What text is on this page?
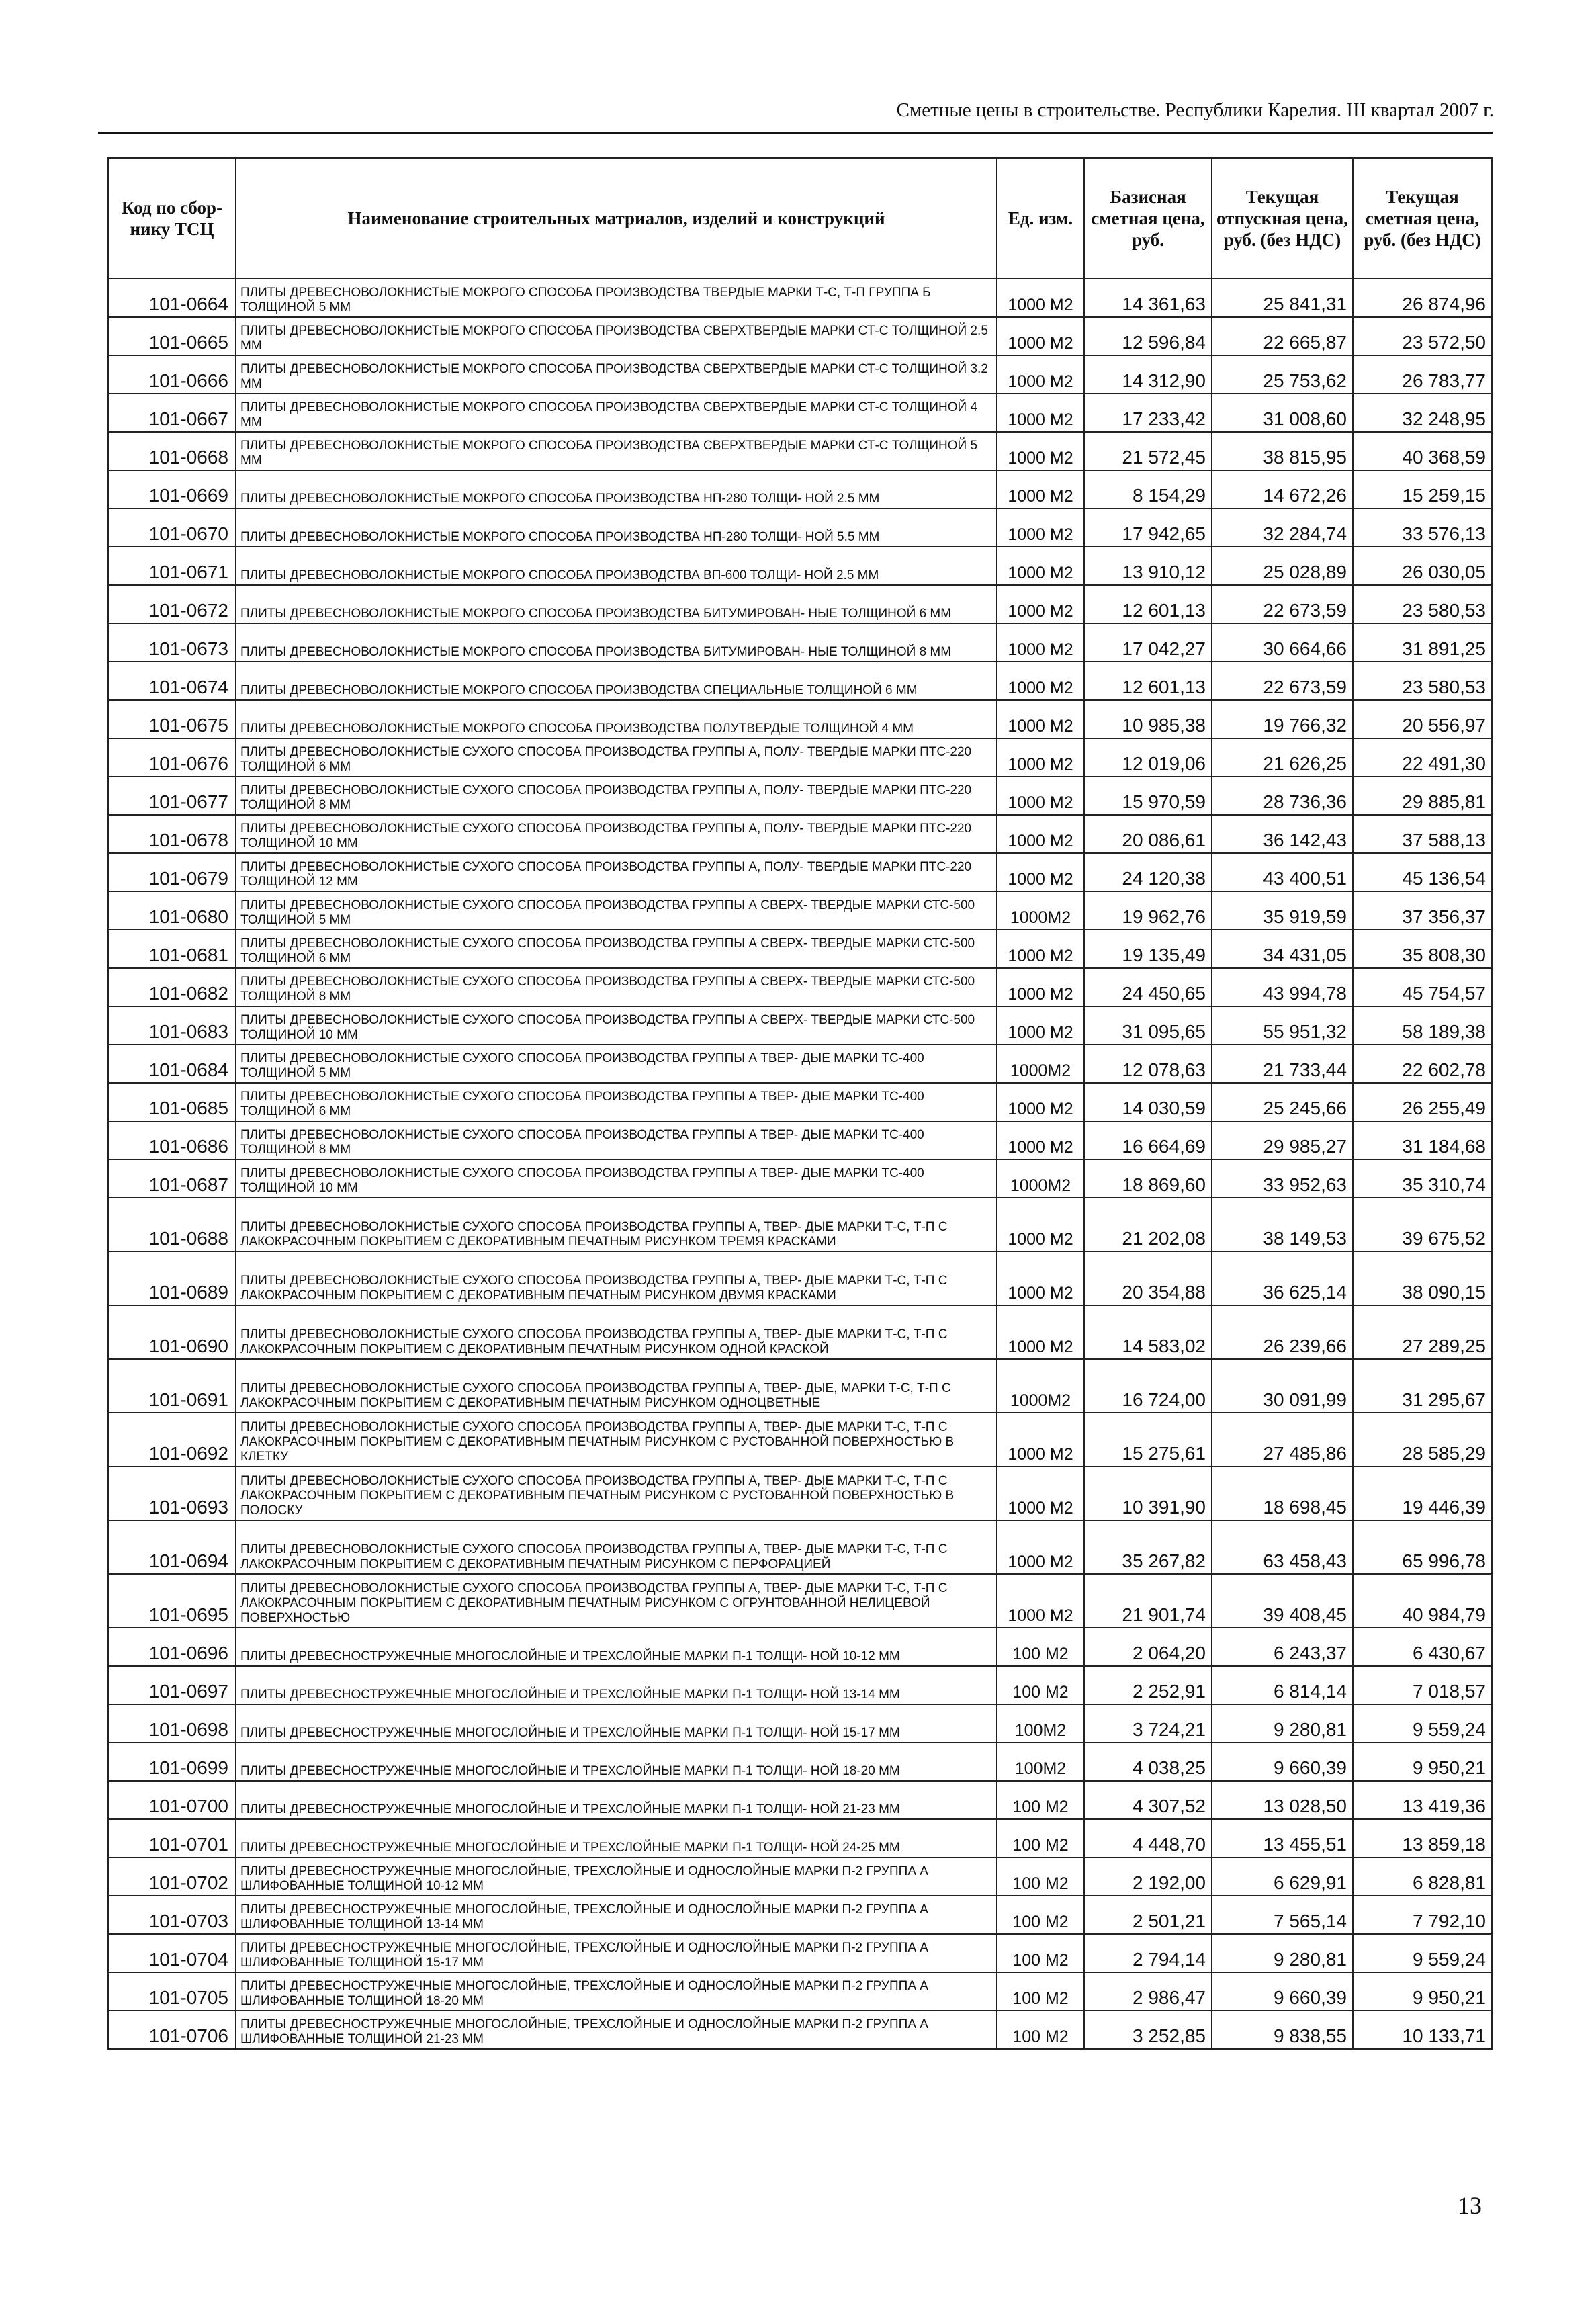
Сметные цены в строительстве. Республики Карелия. III квартал 2007 г.
Код по сбор- нику ТСЦ	Наименование строительных матриалов, изделий и конструкций	Ед. изм.	Базисная сметная цена, руб.	Текущая отпускная цена, руб. (без НДС)	Текущая сметная цена, руб. (без НДС)
101-0664	ПЛИТЫ ДРЕВЕСНОВОЛОКНИСТЫЕ МОКРОГО СПОСОБА ПРОИЗВОДСТВА ТВЕРДЫЕ МАРКИ Т-С, Т-П ГРУППА Б ТОЛЩИНОЙ 5 ММ	1000 М2	14 361,63	25 841,31	26 874,96
101-0665	ПЛИТЫ ДРЕВЕСНОВОЛОКНИСТЫЕ МОКРОГО СПОСОБА ПРОИЗВОДСТВА СВЕРХТВЕРДЫЕ МАРКИ СТ-С ТОЛЩИНОЙ 2.5 ММ	1000 М2	12 596,84	22 665,87	23 572,50
101-0666	ПЛИТЫ ДРЕВЕСНОВОЛОКНИСТЫЕ МОКРОГО СПОСОБА ПРОИЗВОДСТВА СВЕРХТВЕРДЫЕ МАРКИ СТ-С ТОЛЩИНОЙ 3.2 ММ	1000 М2	14 312,90	25 753,62	26 783,77
101-0667	ПЛИТЫ ДРЕВЕСНОВОЛОКНИСТЫЕ МОКРОГО СПОСОБА ПРОИЗВОДСТВА СВЕРХТВЕРДЫЕ МАРКИ СТ-С ТОЛЩИНОЙ 4 ММ	1000 М2	17 233,42	31 008,60	32 248,95
101-0668	ПЛИТЫ ДРЕВЕСНОВОЛОКНИСТЫЕ МОКРОГО СПОСОБА ПРОИЗВОДСТВА СВЕРХТВЕРДЫЕ МАРКИ СТ-С ТОЛЩИНОЙ 5 ММ	1000 М2	21 572,45	38 815,95	40 368,59
101-0669	ПЛИТЫ ДРЕВЕСНОВОЛОКНИСТЫЕ МОКРОГО СПОСОБА ПРОИЗВОДСТВА НП-280 ТОЛЩИ- НОЙ 2.5 ММ	1000 М2	8 154,29	14 672,26	15 259,15
101-0670	ПЛИТЫ ДРЕВЕСНОВОЛОКНИСТЫЕ МОКРОГО СПОСОБА ПРОИЗВОДСТВА НП-280 ТОЛЩИ- НОЙ 5.5 ММ	1000 М2	17 942,65	32 284,74	33 576,13
101-0671	ПЛИТЫ ДРЕВЕСНОВОЛОКНИСТЫЕ МОКРОГО СПОСОБА ПРОИЗВОДСТВА ВП-600 ТОЛЩИ- НОЙ 2.5 ММ	1000 М2	13 910,12	25 028,89	26 030,05
101-0672	ПЛИТЫ ДРЕВЕСНОВОЛОКНИСТЫЕ МОКРОГО СПОСОБА ПРОИЗВОДСТВА БИТУМИРОВАН- НЫЕ ТОЛЩИНОЙ 6 ММ	1000 М2	12 601,13	22 673,59	23 580,53
101-0673	ПЛИТЫ ДРЕВЕСНОВОЛОКНИСТЫЕ МОКРОГО СПОСОБА ПРОИЗВОДСТВА БИТУМИРОВАН- НЫЕ ТОЛЩИНОЙ 8 ММ	1000 М2	17 042,27	30 664,66	31 891,25
101-0674	ПЛИТЫ ДРЕВЕСНОВОЛОКНИСТЫЕ МОКРОГО СПОСОБА ПРОИЗВОДСТВА СПЕЦИАЛЬНЫЕ ТОЛЩИНОЙ 6 ММ	1000 М2	12 601,13	22 673,59	23 580,53
101-0675	ПЛИТЫ ДРЕВЕСНОВОЛОКНИСТЫЕ МОКРОГО СПОСОБА ПРОИЗВОДСТВА ПОЛУТВЕРДЫЕ ТОЛЩИНОЙ 4 ММ	1000 М2	10 985,38	19 766,32	20 556,97
101-0676	ПЛИТЫ ДРЕВЕСНОВОЛОКНИСТЫЕ СУХОГО СПОСОБА ПРОИЗВОДСТВА ГРУППЫ А, ПОЛУ- ТВЕРДЫЕ МАРКИ ПТС-220 ТОЛЩИНОЙ 6 ММ	1000 М2	12 019,06	21 626,25	22 491,30
101-0677	ПЛИТЫ ДРЕВЕСНОВОЛОКНИСТЫЕ СУХОГО СПОСОБА ПРОИЗВОДСТВА ГРУППЫ А, ПОЛУ- ТВЕРДЫЕ МАРКИ ПТС-220 ТОЛЩИНОЙ 8 ММ	1000 М2	15 970,59	28 736,36	29 885,81
101-0678	ПЛИТЫ ДРЕВЕСНОВОЛОКНИСТЫЕ СУХОГО СПОСОБА ПРОИЗВОДСТВА ГРУППЫ А, ПОЛУ- ТВЕРДЫЕ МАРКИ ПТС-220 ТОЛЩИНОЙ 10 ММ	1000 М2	20 086,61	36 142,43	37 588,13
101-0679	ПЛИТЫ ДРЕВЕСНОВОЛОКНИСТЫЕ СУХОГО СПОСОБА ПРОИЗВОДСТВА ГРУППЫ А, ПОЛУ- ТВЕРДЫЕ МАРКИ ПТС-220 ТОЛЩИНОЙ 12 ММ	1000 М2	24 120,38	43 400,51	45 136,54
101-0680	ПЛИТЫ ДРЕВЕСНОВОЛОКНИСТЫЕ СУХОГО СПОСОБА ПРОИЗВОДСТВА ГРУППЫ А СВЕРХ- ТВЕРДЫЕ МАРКИ СТС-500 ТОЛЩИНОЙ 5 ММ	1000М2	19 962,76	35 919,59	37 356,37
101-0681	ПЛИТЫ ДРЕВЕСНОВОЛОКНИСТЫЕ СУХОГО СПОСОБА ПРОИЗВОДСТВА ГРУППЫ А СВЕРХ- ТВЕРДЫЕ МАРКИ СТС-500 ТОЛЩИНОЙ 6 ММ	1000 М2	19 135,49	34 431,05	35 808,30
101-0682	ПЛИТЫ ДРЕВЕСНОВОЛОКНИСТЫЕ СУХОГО СПОСОБА ПРОИЗВОДСТВА ГРУППЫ А СВЕРХ- ТВЕРДЫЕ МАРКИ СТС-500 ТОЛЩИНОЙ 8 ММ	1000 М2	24 450,65	43 994,78	45 754,57
101-0683	ПЛИТЫ ДРЕВЕСНОВОЛОКНИСТЫЕ СУХОГО СПОСОБА ПРОИЗВОДСТВА ГРУППЫ А СВЕРХ- ТВЕРДЫЕ МАРКИ СТС-500 ТОЛЩИНОЙ 10 ММ	1000 М2	31 095,65	55 951,32	58 189,38
101-0684	ПЛИТЫ ДРЕВЕСНОВОЛОКНИСТЫЕ СУХОГО СПОСОБА ПРОИЗВОДСТВА ГРУППЫ А ТВЕР- ДЫЕ МАРКИ ТС-400 ТОЛЩИНОЙ 5 ММ	1000М2	12 078,63	21 733,44	22 602,78
101-0685	ПЛИТЫ ДРЕВЕСНОВОЛОКНИСТЫЕ СУХОГО СПОСОБА ПРОИЗВОДСТВА ГРУППЫ А ТВЕР- ДЫЕ МАРКИ ТС-400 ТОЛЩИНОЙ 6 ММ	1000 М2	14 030,59	25 245,66	26 255,49
101-0686	ПЛИТЫ ДРЕВЕСНОВОЛОКНИСТЫЕ СУХОГО СПОСОБА ПРОИЗВОДСТВА ГРУППЫ А ТВЕР- ДЫЕ МАРКИ ТС-400 ТОЛЩИНОЙ 8 ММ	1000 М2	16 664,69	29 985,27	31 184,68
101-0687	ПЛИТЫ ДРЕВЕСНОВОЛОКНИСТЫЕ СУХОГО СПОСОБА ПРОИЗВОДСТВА ГРУППЫ А ТВЕР- ДЫЕ МАРКИ ТС-400 ТОЛЩИНОЙ 10 ММ	1000М2	18 869,60	33 952,63	35 310,74
101-0688	ПЛИТЫ ДРЕВЕСНОВОЛОКНИСТЫЕ СУХОГО СПОСОБА ПРОИЗВОДСТВА ГРУППЫ А, ТВЕР- ДЫЕ МАРКИ Т-С, Т-П С ЛАКОКРАСОЧНЫМ ПОКРЫТИЕМ С ДЕКОРАТИВНЫМ ПЕЧАТНЫМ РИСУНКОМ ТРЕМЯ КРАСКАМИ	1000 М2	21 202,08	38 149,53	39 675,52
101-0689	ПЛИТЫ ДРЕВЕСНОВОЛОКНИСТЫЕ СУХОГО СПОСОБА ПРОИЗВОДСТВА ГРУППЫ А, ТВЕР- ДЫЕ МАРКИ Т-С, Т-П С ЛАКОКРАСОЧНЫМ ПОКРЫТИЕМ С ДЕКОРАТИВНЫМ ПЕЧАТНЫМ РИСУНКОМ ДВУМЯ КРАСКАМИ	1000 М2	20 354,88	36 625,14	38 090,15
101-0690	ПЛИТЫ ДРЕВЕСНОВОЛОКНИСТЫЕ СУХОГО СПОСОБА ПРОИЗВОДСТВА ГРУППЫ А, ТВЕР- ДЫЕ МАРКИ Т-С, Т-П С ЛАКОКРАСОЧНЫМ ПОКРЫТИЕМ С ДЕКОРАТИВНЫМ ПЕЧАТНЫМ РИСУНКОМ ОДНОЙ КРАСКОЙ	1000 М2	14 583,02	26 239,66	27 289,25
101-0691	ПЛИТЫ ДРЕВЕСНОВОЛОКНИСТЫЕ СУХОГО СПОСОБА ПРОИЗВОДСТВА ГРУППЫ А, ТВЕР- ДЫЕ, МАРКИ Т-С, Т-П С ЛАКОКРАСОЧНЫМ ПОКРЫТИЕМ С ДЕКОРАТИВНЫМ ПЕЧАТНЫМ РИСУНКОМ ОДНОЦВЕТНЫЕ	1000М2	16 724,00	30 091,99	31 295,67
101-0692	ПЛИТЫ ДРЕВЕСНОВОЛОКНИСТЫЕ СУХОГО СПОСОБА ПРОИЗВОДСТВА ГРУППЫ А, ТВЕР- ДЫЕ МАРКИ Т-С, Т-П С ЛАКОКРАСОЧНЫМ ПОКРЫТИЕМ С ДЕКОРАТИВНЫМ ПЕЧАТНЫМ РИСУНКОМ С РУСТОВАННОЙ ПОВЕРХНОСТЬЮ В КЛЕТКУ	1000 М2	15 275,61	27 485,86	28 585,29
101-0693	ПЛИТЫ ДРЕВЕСНОВОЛОКНИСТЫЕ СУХОГО СПОСОБА ПРОИЗВОДСТВА ГРУППЫ А, ТВЕР- ДЫЕ МАРКИ Т-С, Т-П С ЛАКОКРАСОЧНЫМ ПОКРЫТИЕМ С ДЕКОРАТИВНЫМ ПЕЧАТНЫМ РИСУНКОМ С РУСТОВАННОЙ ПОВЕРХНОСТЬЮ В ПОЛОСКУ	1000 М2	10 391,90	18 698,45	19 446,39
101-0694	ПЛИТЫ ДРЕВЕСНОВОЛОКНИСТЫЕ СУХОГО СПОСОБА ПРОИЗВОДСТВА ГРУППЫ А, ТВЕР- ДЫЕ МАРКИ Т-С, Т-П С ЛАКОКРАСОЧНЫМ ПОКРЫТИЕМ С ДЕКОРАТИВНЫМ ПЕЧАТНЫМ РИСУНКОМ С ПЕРФОРАЦИЕЙ	1000 М2	35 267,82	63 458,43	65 996,78
101-0695	ПЛИТЫ ДРЕВЕСНОВОЛОКНИСТЫЕ СУХОГО СПОСОБА ПРОИЗВОДСТВА ГРУППЫ А, ТВЕР- ДЫЕ МАРКИ Т-С, Т-П С ЛАКОКРАСОЧНЫМ ПОКРЫТИЕМ С ДЕКОРАТИВНЫМ ПЕЧАТНЫМ РИСУНКОМ С ОГРУНТОВАННОЙ НЕЛИЦЕВОЙ ПОВЕРХНОСТЬЮ	1000 М2	21 901,74	39 408,45	40 984,79
101-0696	ПЛИТЫ ДРЕВЕСНОСТРУЖЕЧНЫЕ МНОГОСЛОЙНЫЕ И ТРЕХСЛОЙНЫЕ МАРКИ П-1 ТОЛЩИ- НОЙ 10-12 ММ	100 М2	2 064,20	6 243,37	6 430,67
101-0697	ПЛИТЫ ДРЕВЕСНОСТРУЖЕЧНЫЕ МНОГОСЛОЙНЫЕ И ТРЕХСЛОЙНЫЕ МАРКИ П-1 ТОЛЩИ- НОЙ 13-14 ММ	100 М2	2 252,91	6 814,14	7 018,57
101-0698	ПЛИТЫ ДРЕВЕСНОСТРУЖЕЧНЫЕ МНОГОСЛОЙНЫЕ И ТРЕХСЛОЙНЫЕ МАРКИ П-1 ТОЛЩИ- НОЙ 15-17 ММ	100М2	3 724,21	9 280,81	9 559,24
101-0699	ПЛИТЫ ДРЕВЕСНОСТРУЖЕЧНЫЕ МНОГОСЛОЙНЫЕ И ТРЕХСЛОЙНЫЕ МАРКИ П-1 ТОЛЩИ- НОЙ 18-20 ММ	100М2	4 038,25	9 660,39	9 950,21
101-0700	ПЛИТЫ ДРЕВЕСНОСТРУЖЕЧНЫЕ МНОГОСЛОЙНЫЕ И ТРЕХСЛОЙНЫЕ МАРКИ П-1 ТОЛЩИ- НОЙ 21-23 ММ	100 М2	4 307,52	13 028,50	13 419,36
101-0701	ПЛИТЫ ДРЕВЕСНОСТРУЖЕЧНЫЕ МНОГОСЛОЙНЫЕ И ТРЕХСЛОЙНЫЕ МАРКИ П-1 ТОЛЩИ- НОЙ 24-25 ММ	100 М2	4 448,70	13 455,51	13 859,18
101-0702	ПЛИТЫ ДРЕВЕСНОСТРУЖЕЧНЫЕ МНОГОСЛОЙНЫЕ, ТРЕХСЛОЙНЫЕ И ОДНОСЛОЙНЫЕ МАРКИ П-2 ГРУППА А ШЛИФОВАННЫЕ ТОЛЩИНОЙ 10-12 ММ	100 М2	2 192,00	6 629,91	6 828,81
101-0703	ПЛИТЫ ДРЕВЕСНОСТРУЖЕЧНЫЕ МНОГОСЛОЙНЫЕ, ТРЕХСЛОЙНЫЕ И ОДНОСЛОЙНЫЕ МАРКИ П-2 ГРУППА А ШЛИФОВАННЫЕ ТОЛЩИНОЙ 13-14 ММ	100 М2	2 501,21	7 565,14	7 792,10
101-0704	ПЛИТЫ ДРЕВЕСНОСТРУЖЕЧНЫЕ МНОГОСЛОЙНЫЕ, ТРЕХСЛОЙНЫЕ И ОДНОСЛОЙНЫЕ МАРКИ П-2 ГРУППА А ШЛИФОВАННЫЕ ТОЛЩИНОЙ 15-17 ММ	100 М2	2 794,14	9 280,81	9 559,24
101-0705	ПЛИТЫ ДРЕВЕСНОСТРУЖЕЧНЫЕ МНОГОСЛОЙНЫЕ, ТРЕХСЛОЙНЫЕ И ОДНОСЛОЙНЫЕ МАРКИ П-2 ГРУППА А ШЛИФОВАННЫЕ ТОЛЩИНОЙ 18-20 ММ	100 М2	2 986,47	9 660,39	9 950,21
101-0706	ПЛИТЫ ДРЕВЕСНОСТРУЖЕЧНЫЕ МНОГОСЛОЙНЫЕ, ТРЕХСЛОЙНЫЕ И ОДНОСЛОЙНЫЕ МАРКИ П-2 ГРУППА А ШЛИФОВАННЫЕ ТОЛЩИНОЙ 21-23 ММ	100 М2	3 252,85	9 838,55	10 133,71
13
